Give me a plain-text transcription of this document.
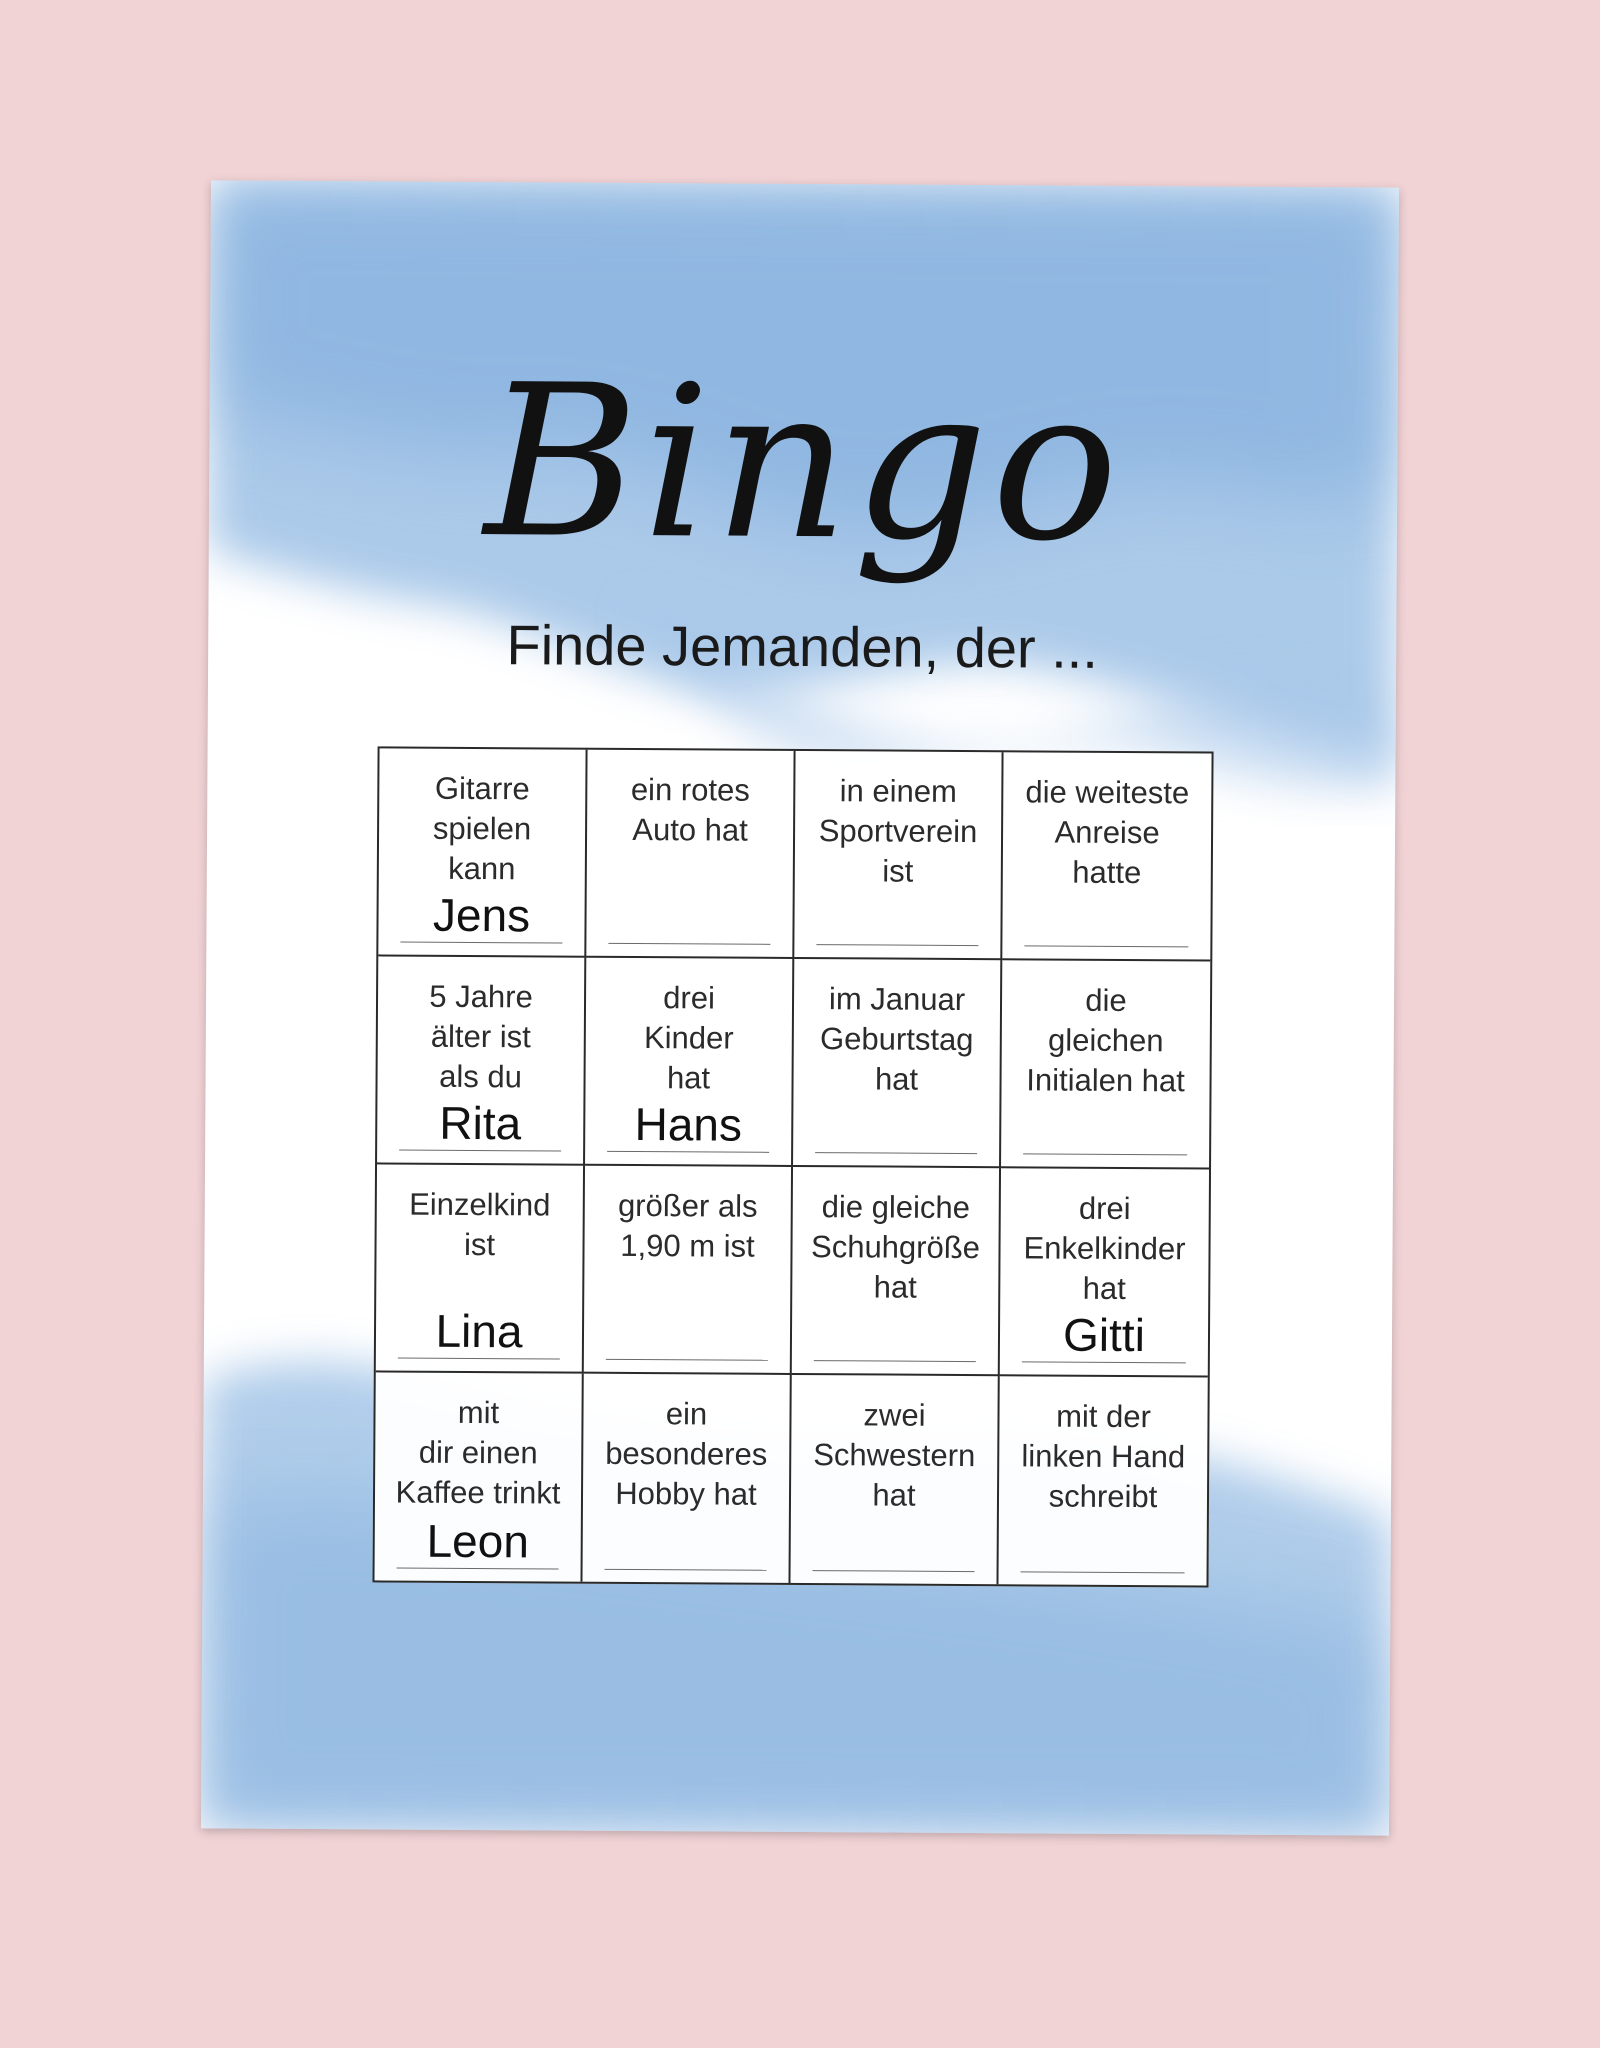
Bingo
Finde Jemanden, der ...
Gitarre
spielen
kann
Jens
ein rotes
Auto hat
in einem
Sportverein
ist
die weiteste
Anreise
hatte
5 Jahre
älter ist
als du
Rita
drei
Kinder
hat
Hans
im Januar
Geburtstag
hat
die
gleichen
Initialen hat
Einzelkind
ist
Lina
größer als
1,90 m ist
die gleiche
Schuhgröße
hat
drei
Enkelkinder
hat
Gitti
mit
dir einen
Kaffee trinkt
Leon
ein
besonderes
Hobby hat
zwei
Schwestern
hat
mit der
linken Hand
schreibt
